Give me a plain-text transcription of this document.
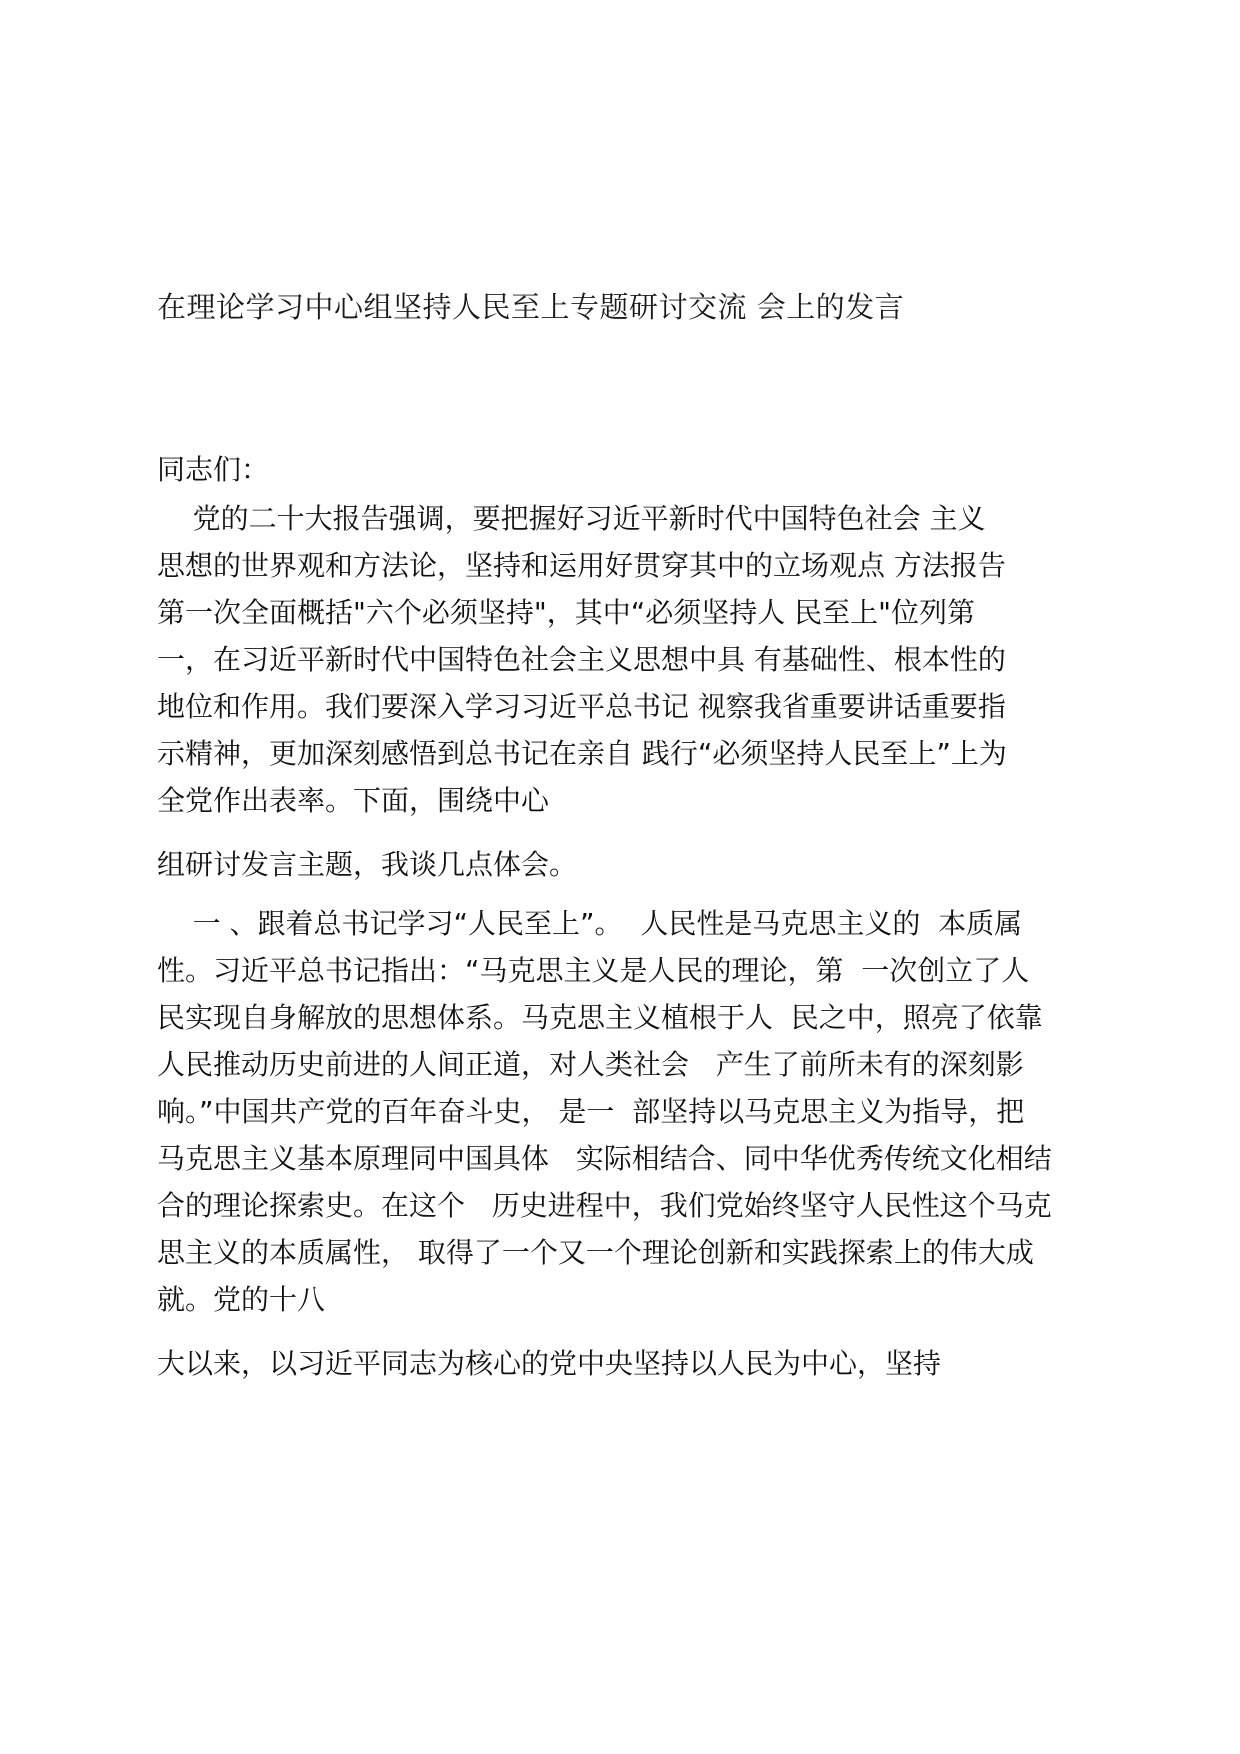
在理论学习中心组坚持人民至上专题研讨交流 会上的发言
同志们：
党的二十大报告强调，要把握好习近平新时代中国特色社会 主义
思想的世界观和方法论，坚持和运用好贯穿其中的立场观点 方法报告
第一次全面概括"六个必须坚持"，其中“必须坚持人 民至上"位列第
一，在习近平新时代中国特色社会主义思想中具 有基础性、根本性的
地位和作用。我们要深入学习习近平总书记 视察我省重要讲话重要指
示精神，更加深刻感悟到总书记在亲自 践行“必须坚持人民至上”上为
全党作出表率。下面，围绕中心
组研讨发言主题，我谈几点体会。
一 、跟着总书记学习“人民至上”。  人民性是马克思主义的  本质属
性。习近平总书记指出：“马克思主义是人民的理论，第  一次创立了人
民实现自身解放的思想体系。马克思主义植根于人  民之中，照亮了依靠
人民推动历史前进的人间正道，对人类社会   产生了前所未有的深刻影
响。”中国共产党的百年奋斗史， 是一  部坚持以马克思主义为指导，把
马克思主义基本原理同中国具体   实际相结合、同中华优秀传统文化相结
合的理论探索史。在这个   历史进程中，我们党始终坚守人民性这个马克
思主义的本质属性， 取得了一个又一个理论创新和实践探索上的伟大成
就。党的十八
大以来，以习近平同志为核心的党中央坚持以人民为中心，坚持
